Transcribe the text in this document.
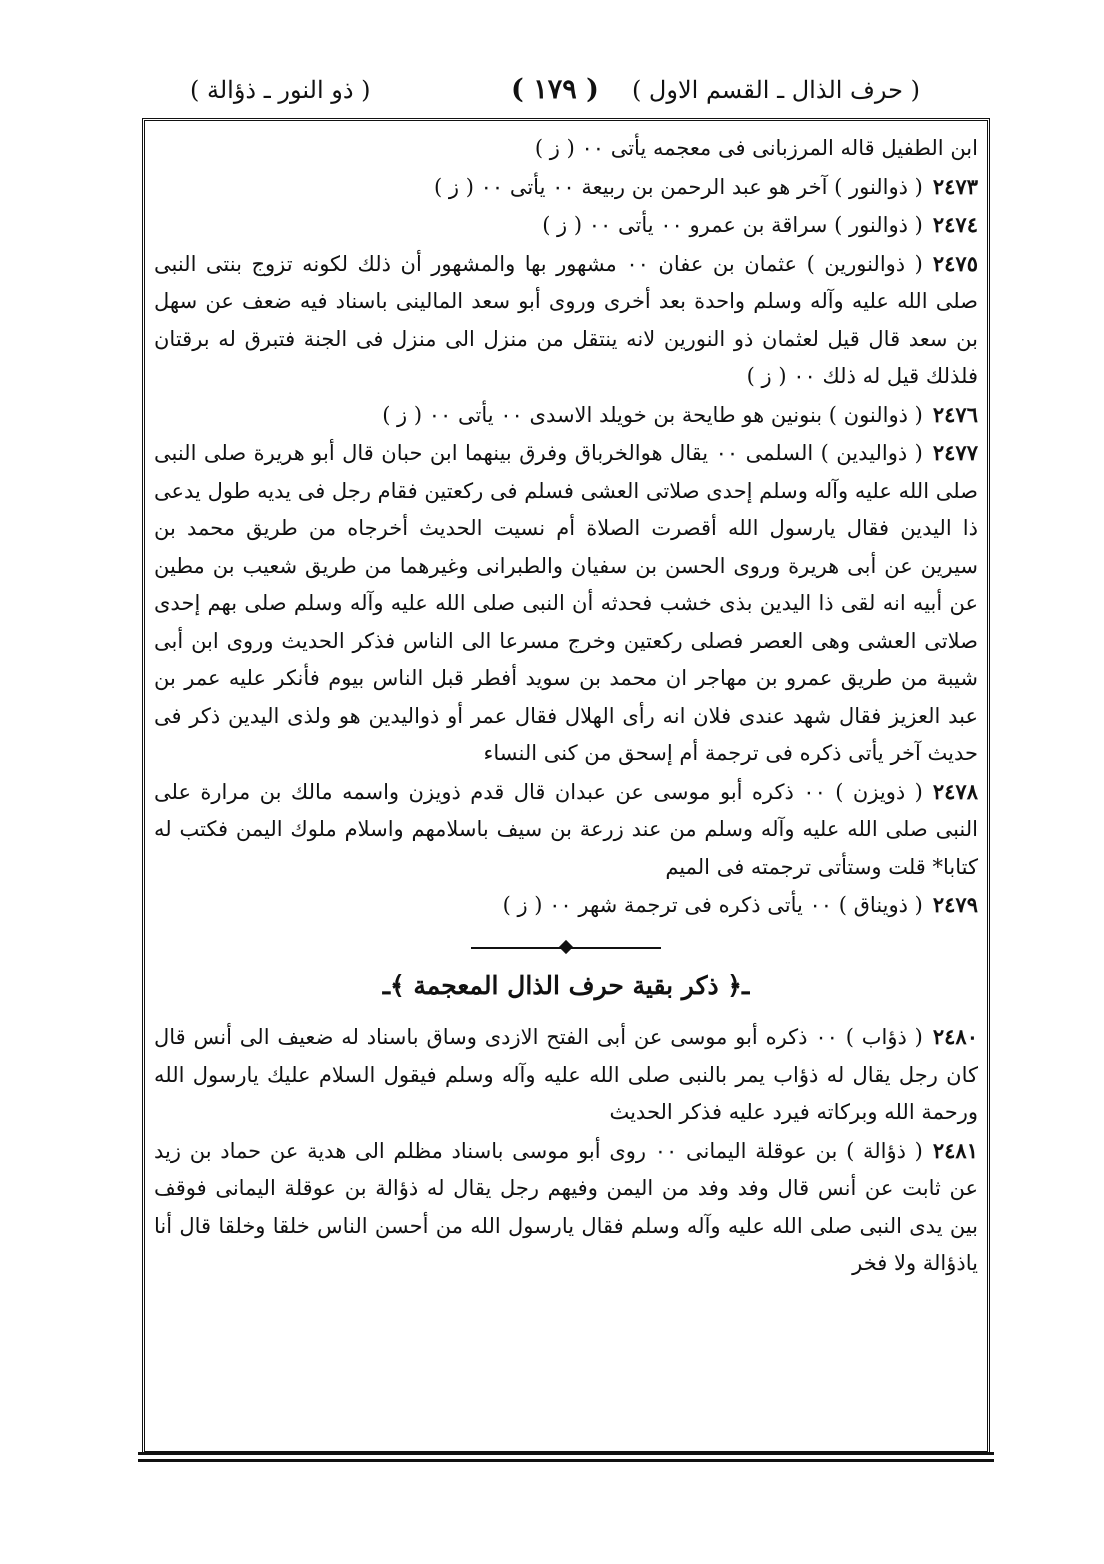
( حرف الذال ـ القسم الاول )
( ١٧٩ )
( ذو النور ـ ذؤالة )

ابن الطفيل قاله المرزبانى فى معجمه يأتى ٠٠ ( ز )

٢٤٧٣( ذوالنور ) آخر هو عبد الرحمن بن ربيعة ٠٠ يأتى ٠٠ ( ز )

٢٤٧٤( ذوالنور ) سراقة بن عمرو ٠٠ يأتى ٠٠ ( ز )

٢٤٧٥( ذوالنورين ) عثمان بن عفان ٠٠ مشهور بها والمشهور أن ذلك لكونه تزوج بنتى النبى صلى الله عليه وآله وسلم واحدة بعد أخرى وروى أبو سعد المالينى باسناد فيه ضعف عن سهل بن سعد قال قيل لعثمان ذو النورين لانه ينتقل من منزل الى منزل فى الجنة فتبرق له برقتان فلذلك قيل له ذلك ٠٠ ( ز )

٢٤٧٦( ذوالنون ) بنونين هو طايحة بن خويلد الاسدى ٠٠ يأتى ٠٠ ( ز )

٢٤٧٧( ذواليدين ) السلمى ٠٠ يقال هوالخرباق وفرق بينهما ابن حبان قال أبو هريرة صلى النبى صلى الله عليه وآله وسلم إحدى صلاتى العشى فسلم فى ركعتين فقام رجل فى يديه طول يدعى ذا اليدين فقال يارسول الله أقصرت الصلاة أم نسيت الحديث أخرجاه من طريق محمد بن سيرين عن أبى هريرة وروى الحسن بن سفيان والطبرانى وغيرهما من طريق شعيب بن مطين عن أبيه انه لقى ذا اليدين بذى خشب فحدثه أن النبى صلى الله عليه وآله وسلم صلى بهم إحدى صلاتى العشى وهى العصر فصلى ركعتين وخرج مسرعا الى الناس فذكر الحديث وروى ابن أبى شيبة من طريق عمرو بن مهاجر ان محمد بن سويد أفطر قبل الناس بيوم فأنكر عليه عمر بن عبد العزيز فقال شهد عندى فلان انه رأى الهلال فقال عمر أو ذواليدين هو ولذى اليدين ذكر فى حديث آخر يأتى ذكره فى ترجمة أم إسحق من كنى النساء

٢٤٧٨( ذويزن ) ٠٠ ذكره أبو موسى عن عبدان قال قدم ذويزن واسمه مالك بن مرارة على النبى صلى الله عليه وآله وسلم من عند زرعة بن سيف باسلامهم واسلام ملوك اليمن فكتب له كتابا* قلت وستأتى ترجمته فى الميم

٢٤٧٩( ذويناق ) ٠٠ يأتى ذكره فى ترجمة شهر ٠٠ ( ز )

ـ﴿ ذكر بقية حرف الذال المعجمة ﴾ـ

٢٤٨٠( ذؤاب ) ٠٠ ذكره أبو موسى عن أبى الفتح الازدى وساق باسناد له ضعيف الى أنس قال كان رجل يقال له ذؤاب يمر بالنبى صلى الله عليه وآله وسلم فيقول السلام عليك يارسول الله ورحمة الله وبركاته فيرد عليه فذكر الحديث

٢٤٨١( ذؤالة ) بن عوقلة اليمانى ٠٠ روى أبو موسى باسناد مظلم الى هدية عن حماد بن زيد عن ثابت عن أنس قال وفد وفد من اليمن وفيهم رجل يقال له ذؤالة بن عوقلة اليمانى فوقف بين يدى النبى صلى الله عليه وآله وسلم فقال يارسول الله من أحسن الناس خلقا وخلقا قال أنا ياذؤالة ولا فخر
